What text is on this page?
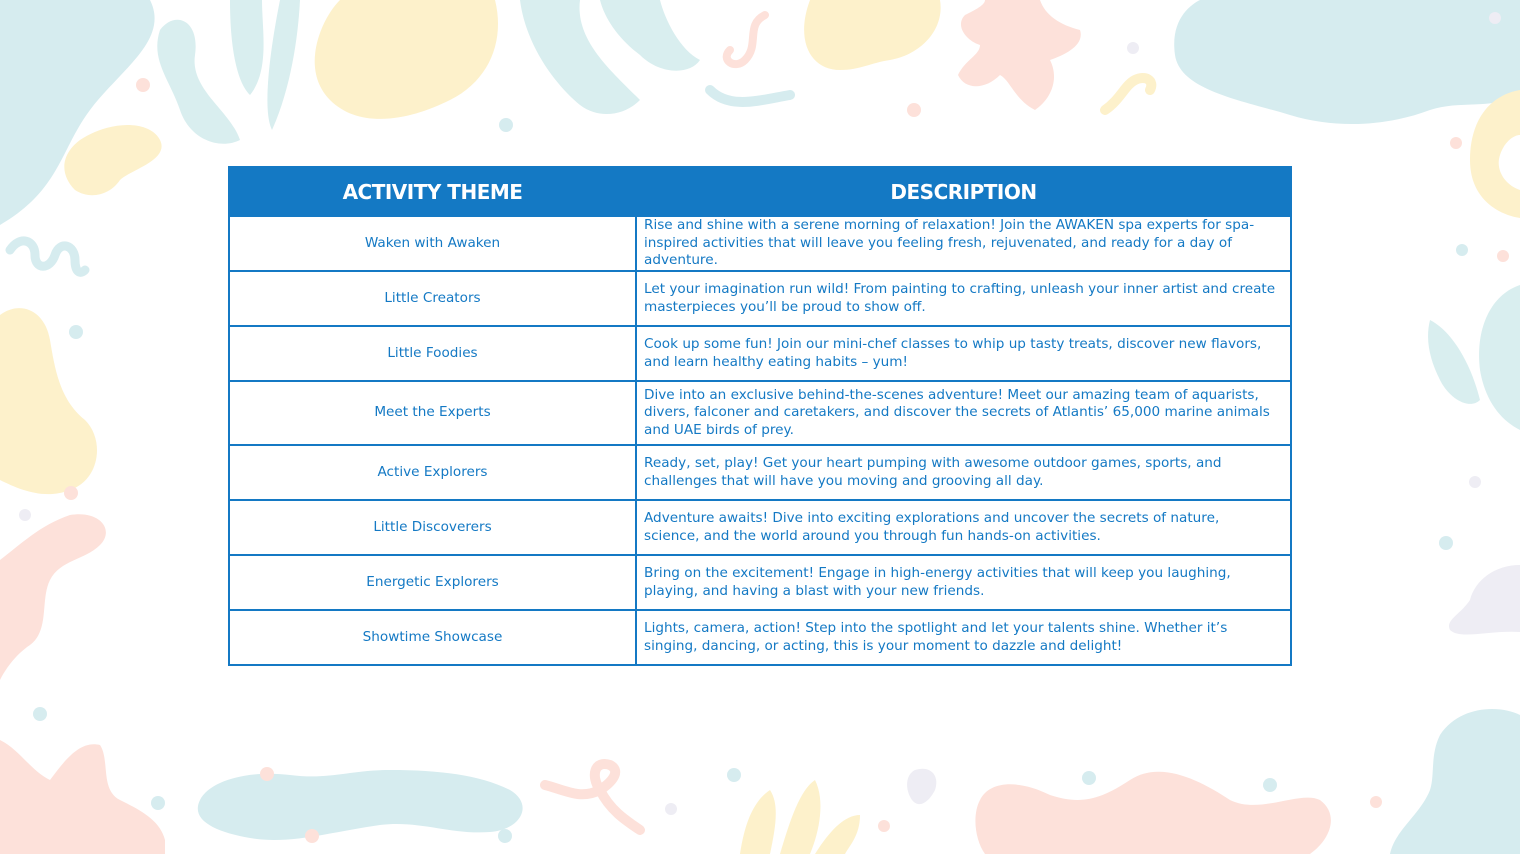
ACTIVITY THEME	DESCRIPTION
Waken with Awaken	Rise and shine with a serene morning of relaxation! Join the AWAKEN spa experts for spa-inspired activities that will leave you feeling fresh, rejuvenated, and ready for a day of adventure.
Little Creators	Let your imagination run wild! From painting to crafting, unleash your inner artist and create masterpieces you’ll be proud to show off.
Little Foodies	Cook up some fun! Join our mini-chef classes to whip up tasty treats, discover new flavors, and learn healthy eating habits – yum!
Meet the Experts	Dive into an exclusive behind-the-scenes adventure! Meet our amazing team of aquarists, divers, falconer and caretakers, and discover the secrets of Atlantis’ 65,000 marine animals and UAE birds of prey.
Active Explorers	Ready, set, play! Get your heart pumping with awesome outdoor games, sports, and challenges that will have you moving and grooving all day.
Little Discoverers	Adventure awaits! Dive into exciting explorations and uncover the secrets of nature, science, and the world around you through fun hands-on activities.
Energetic Explorers	Bring on the excitement! Engage in high-energy activities that will keep you laughing, playing, and having a blast with your new friends.
Showtime Showcase	Lights, camera, action! Step into the spotlight and let your talents shine. Whether it’s singing, dancing, or acting, this is your moment to dazzle and delight!
